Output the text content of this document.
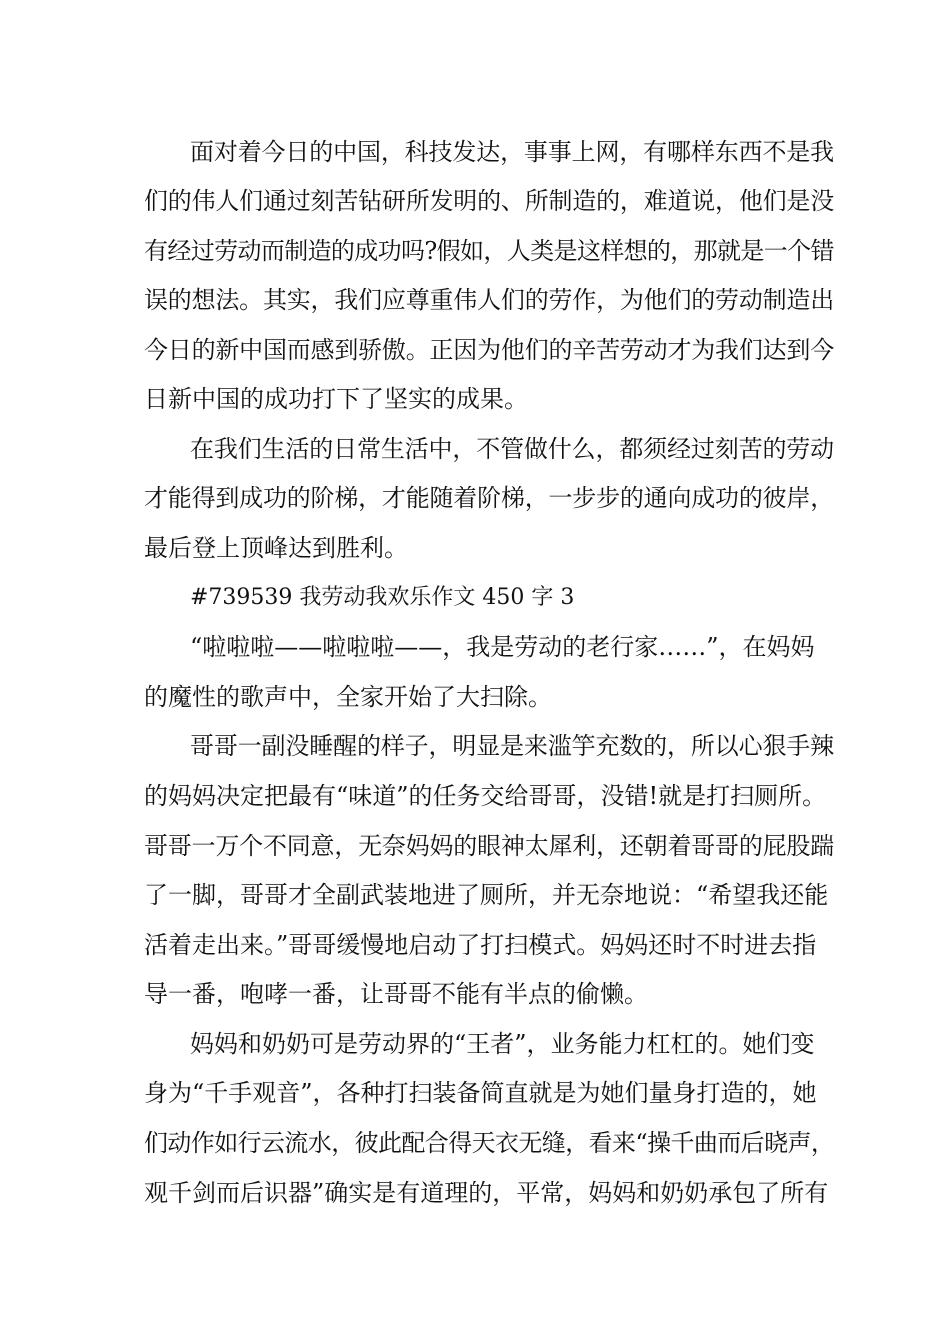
面对着今日的中国，科技发达，事事上网，有哪样东西不是我
们的伟人们通过刻苦钻研所发明的、所制造的，难道说，他们是没
有经过劳动而制造的成功吗?假如，人类是这样想的，那就是一个错
误的想法。其实，我们应尊重伟人们的劳作，为他们的劳动制造出
今日的新中国而感到骄傲。正因为他们的辛苦劳动才为我们达到今
日新中国的成功打下了坚实的成果。
在我们生活的日常生活中，不管做什么，都须经过刻苦的劳动
才能得到成功的阶梯，才能随着阶梯，一步步的通向成功的彼岸，
最后登上顶峰达到胜利。
#739539 我劳动我欢乐作文 450 字 3
“啦啦啦——啦啦啦——，我是劳动的老行家……”，在妈妈
的魔性的歌声中，全家开始了大扫除。
哥哥一副没睡醒的样子，明显是来滥竽充数的，所以心狠手辣
的妈妈决定把最有“味道”的任务交给哥哥，没错!就是打扫厕所。
哥哥一万个不同意，无奈妈妈的眼神太犀利，还朝着哥哥的屁股踹
了一脚，哥哥才全副武装地进了厕所，并无奈地说：“希望我还能
活着走出来。”哥哥缓慢地启动了打扫模式。妈妈还时不时进去指
导一番，咆哮一番，让哥哥不能有半点的偷懒。
妈妈和奶奶可是劳动界的“王者”，业务能力杠杠的。她们变
身为“千手观音”，各种打扫装备简直就是为她们量身打造的，她
们动作如行云流水，彼此配合得天衣无缝，看来“操千曲而后晓声，
观千剑而后识器”确实是有道理的，平常，妈妈和奶奶承包了所有
